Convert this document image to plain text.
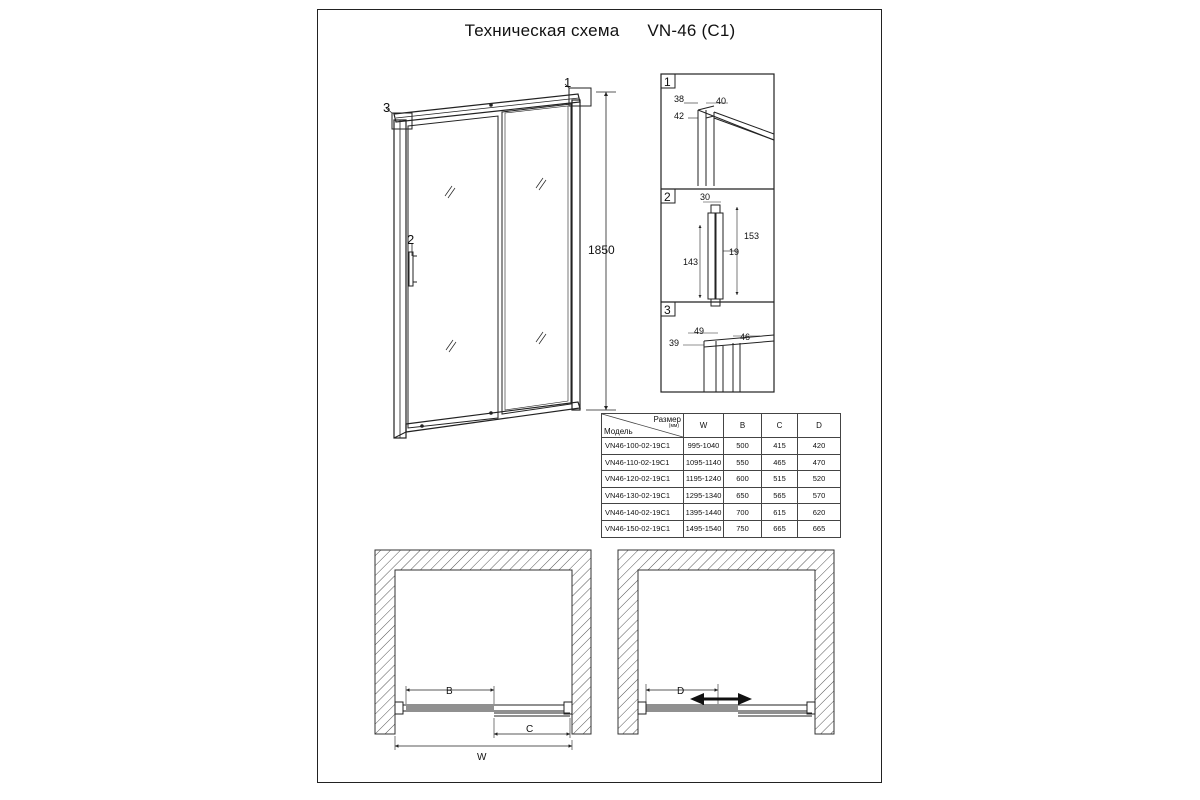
Техническая схема VN-46 (C1)
1
2
3
1850
1
2
3
38	40
42
30
153
19
143
49
46
39
B
C
W
D
Размер
(мм)
Модель	W	B	C	D
VN46-100-02-19C1	995-1040	500	415	420
VN46-110-02-19C1	1095-1140	550	465	470
VN46-120-02-19C1	1195-1240	600	515	520
VN46-130-02-19C1	1295-1340	650	565	570
VN46-140-02-19C1	1395-1440	700	615	620
VN46-150-02-19C1	1495-1540	750	665	665
